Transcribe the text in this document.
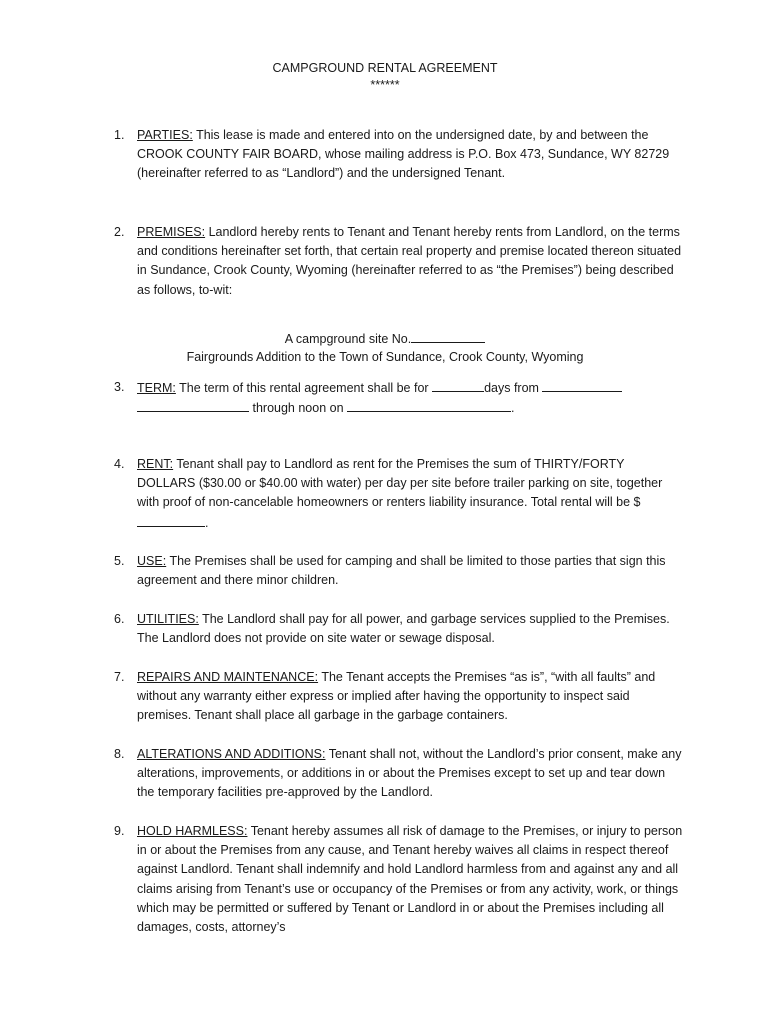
CAMPGROUND RENTAL AGREEMENT
******
1.	PARTIES: This lease is made and entered into on the undersigned date, by and between the CROOK COUNTY FAIR BOARD, whose mailing address is P.O. Box 473, Sundance, WY 82729 (hereinafter referred to as “Landlord”) and the undersigned Tenant.
2.	PREMISES: Landlord hereby rents to Tenant and Tenant hereby rents from Landlord, on the terms and conditions hereinafter set forth, that certain real property and premise located thereon situated in Sundance, Crook County, Wyoming (hereinafter referred to as “the Premises”) being described as follows, to-wit:
A campground site No.
Fairgrounds Addition to the Town of Sundance, Crook County, Wyoming
3.	TERM: The term of this rental agreement shall be for	days from
through noon on	.
4.	RENT: Tenant shall pay to Landlord as rent for the Premises the sum of THIRTY/FORTY DOLLARS ($30.00 or $40.00 with water) per day per site before trailer parking on site, together with proof of non-cancelable homeowners or renters liability insurance. Total rental will be $.
5.	USE: The Premises shall be used for camping and shall be limited to those parties that sign this agreement and there minor children.
6.	UTILITIES: The Landlord shall pay for all power, and garbage services supplied to the Premises. The Landlord does not provide on site water or sewage disposal.
7.	REPAIRS AND MAINTENANCE: The Tenant accepts the Premises “as is”, “with all faults” and without any warranty either express or implied after having the opportunity to inspect said premises. Tenant shall place all garbage in the garbage containers.
8.	ALTERATIONS AND ADDITIONS: Tenant shall not, without the Landlord’s prior consent, make any alterations, improvements, or additions in or about the Premises except to set up and tear down the temporary facilities pre-approved by the Landlord.
9.	HOLD HARMLESS: Tenant hereby assumes all risk of damage to the Premises, or injury to person in or about the Premises from any cause, and Tenant hereby waives all claims in respect thereof against Landlord. Tenant shall indemnify and hold Landlord harmless from and against any and all claims arising from Tenant’s use or occupancy of the Premises or from any activity, work, or things which may be permitted or suffered by Tenant or Landlord in or about the Premises including all damages, costs, attorney’s
